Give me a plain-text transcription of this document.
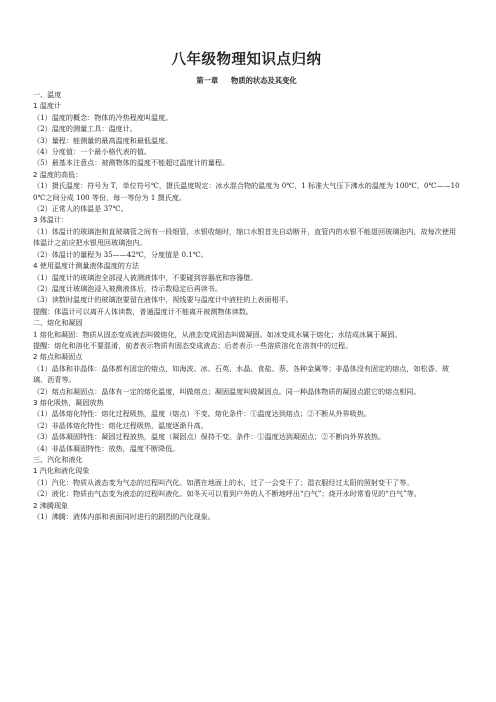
八年级物理知识点归纳

第一章　 物质的状态及其变化

一、温度

1 温度计

（1）温度的概念：物体的冷热程度叫温度。

（2）温度的测量工具：温度计。

（3）量程：能测量的最高温度和最低温度。

（4）分度值：一个最小格代表的值。

（5）最基本注意点：被测物体的温度不能超过温度计的量程。

2 温度的高低：

（1）摄氏温度：符号为 T，单位符号℃，摄氏温度规定：冰水混合物的温度为 0℃，1 标准大气压下沸水的温度为 100℃，0℃——100℃之间分成 100 等份，每一等份为 1 摄氏度。

（2）正常人的体温是 37℃。

3 体温计：

（1）体温计的玻璃泡和直玻璃管之间有一段细管，水银收缩时，缩口水银首先自动断开，直管内的水银不能退回玻璃泡内，故每次使用体温计之前应把水银甩回玻璃泡内。

（2）体温计的量程为 35——42℃，分度值是 0.1℃。

4 使用温度计测量液体温度的方法

（1）温度计的玻璃泡全部浸入被测液体中，不要碰到容器底和容器壁。

（2）温度计玻璃泡浸入被测液体后，待示数稳定后再读书。

（3）读数时温度计的玻璃泡要留在液体中，视线要与温度计中液柱的上表面相平。

提醒：体温计可以离开人体读数，普通温度计不能离开被测物体读数。

二、熔化和凝固

1 熔化和凝固：物质从固态变成液态叫做熔化，从液态变成固态叫做凝固。如冰变成水属于熔化；水结成冰属于凝固。

提醒：熔化和溶化不要混淆，前者表示物质有固态变成液态；后者表示一些溶质溶化在溶剂中的过程。

2 熔点和凝固点

（1）晶体和非晶体：晶体都有固定的熔点，如海波、冰、石英、水晶、食盐、萘、各种金属等；非晶体没有固定的熔点，如松香、玻璃、沥青等。

（2）熔点和凝固点：晶体有一定的熔化温度，叫做熔点；凝固温度叫做凝固点。同一种晶体物质的凝固点跟它的熔点相同。

3 熔化吸热，凝固放热

（1）晶体熔化特性：熔化过程吸热，温度（熔点）不变。熔化条件：①温度达到熔点；②不断从外界吸热。

（2）非晶体熔化特性：熔化过程吸热，温度逐渐升高。

（3）晶体凝固特性：凝固过程放热，温度（凝固点）保持不变。条件：①温度达到凝固点；②不断向外界放热。

（4）非晶体凝固特性：放热，温度不断降低。

三、汽化和液化

1 汽化和液化现象

（1）汽化：物质从液态变为气态的过程叫汽化。如洒在地面上的水，过了一会变干了；湿衣服经过太阳的照射变干了等。

（2）液化：物质由气态变为液态的过程叫液化。如冬天可以看到户外的人不断地呼出“白气”；烧开水时常看见的“白气”等。

2 沸腾现象

（1）沸腾：液体内部和表面同时进行的剧烈的汽化现象。
